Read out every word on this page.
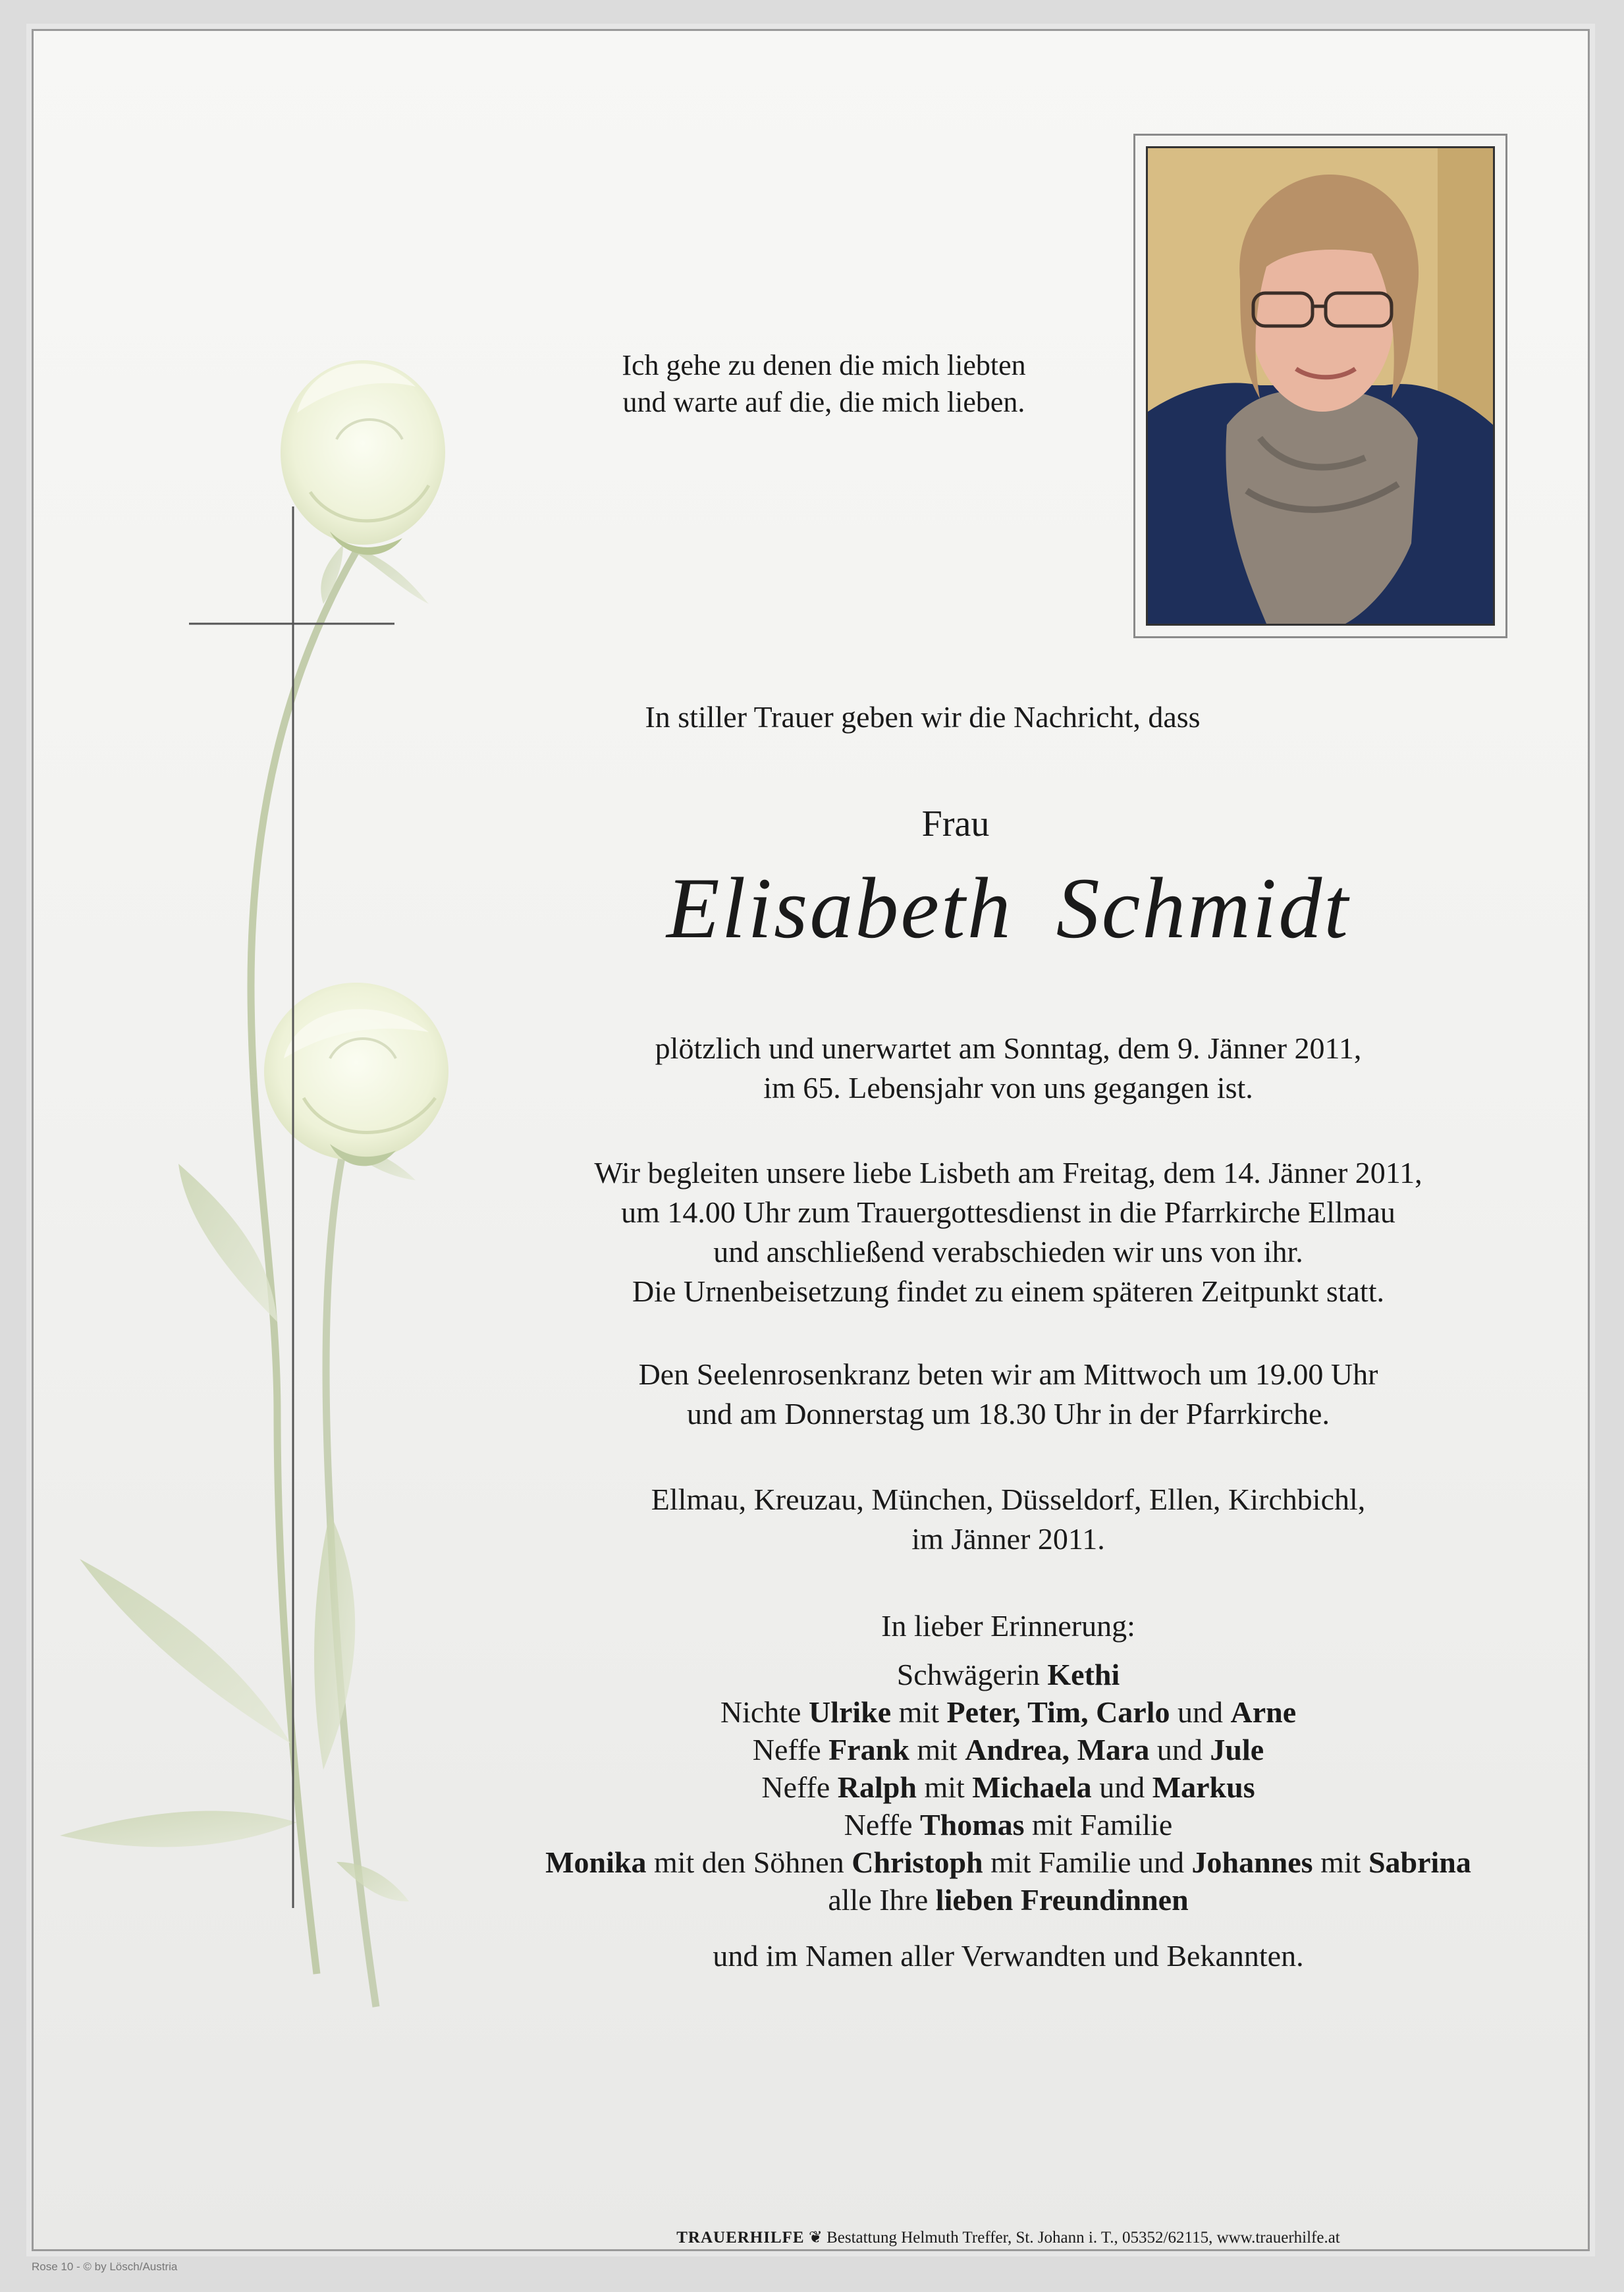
Ich gehe zu denen die mich liebten
und warte auf die, die mich lieben.
In stiller Trauer geben wir die Nachricht, dass
Frau
Elisabeth Schmidt
plötzlich und unerwartet am Sonntag, dem 9. Jänner 2011,
im 65. Lebensjahr von uns gegangen ist.
Wir begleiten unsere liebe Lisbeth am Freitag, dem 14. Jänner 2011,
um 14.00 Uhr zum Trauergottesdienst in die Pfarrkirche Ellmau
und anschließend verabschieden wir uns von ihr.
Die Urnenbeisetzung findet zu einem späteren Zeitpunkt statt.
Den Seelenrosenkranz beten wir am Mittwoch um 19.00 Uhr
und am Donnerstag um 18.30 Uhr in der Pfarrkirche.
Ellmau, Kreuzau, München, Düsseldorf, Ellen, Kirchbichl,
im Jänner 2011.
In lieber Erinnerung:
Schwägerin Kethi
Nichte Ulrike mit Peter, Tim, Carlo und Arne
Neffe Frank mit Andrea, Mara und Jule
Neffe Ralph mit Michaela und Markus
Neffe Thomas mit Familie
Monika mit den Söhnen Christoph mit Familie und Johannes mit Sabrina
alle Ihre lieben Freundinnen
und im Namen aller Verwandten und Bekannten.
TRAUERHILFE ❦ Bestattung Helmuth Treffer, St. Johann i. T., 05352/62115, www.trauerhilfe.at
Rose 10 - © by Lösch/Austria
